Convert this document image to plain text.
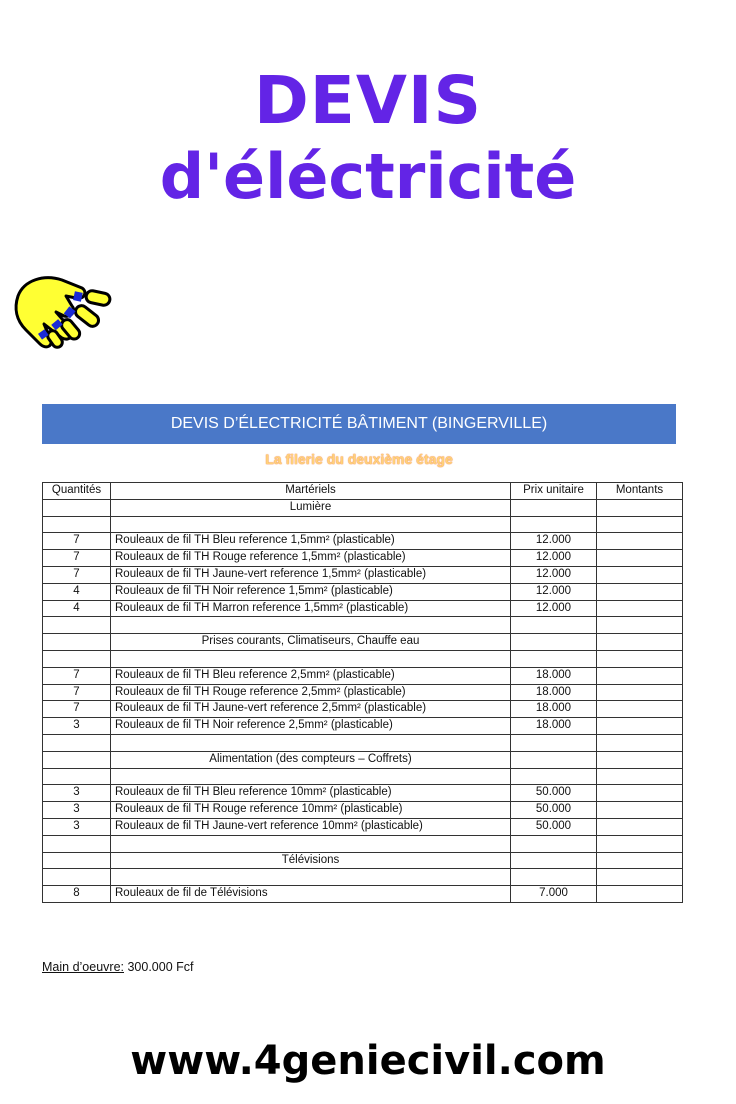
DEVIS
d'éléctricité
DEVIS D’ÉLECTRICITÉ BÂTIMENT (BINGERVILLE)
La filerie du deuxième étage
Quantités	Martériels	Prix unitaire	Montants
	Lumière		

7	Rouleaux de fil TH Bleu reference 1,5mm² (plasticable)	12.000	
7	Rouleaux de fil TH Rouge reference 1,5mm² (plasticable)	12.000	
7	Rouleaux de fil TH Jaune-vert reference 1,5mm² (plasticable)	12.000	
4	Rouleaux de fil TH Noir reference 1,5mm² (plasticable)	12.000	
4	Rouleaux de fil TH Marron reference 1,5mm² (plasticable)	12.000	

	Prises courants, Climatiseurs, Chauffe eau		

7	Rouleaux de fil TH Bleu reference 2,5mm² (plasticable)	18.000	
7	Rouleaux de fil TH Rouge reference 2,5mm² (plasticable)	18.000	
7	Rouleaux de fil TH Jaune-vert reference 2,5mm² (plasticable)	18.000	
3	Rouleaux de fil TH Noir reference 2,5mm² (plasticable)	18.000	

	Alimentation (des compteurs – Coffrets)		

3	Rouleaux de fil TH Bleu reference 10mm² (plasticable)	50.000	
3	Rouleaux de fil TH Rouge reference 10mm² (plasticable)	50.000	
3	Rouleaux de fil TH Jaune-vert reference 10mm² (plasticable)	50.000	

	Télévisions		

8	Rouleaux de fil de Télévisions	7.000	
Main d’oeuvre: 300.000 Fcf
www.4geniecivil.com
